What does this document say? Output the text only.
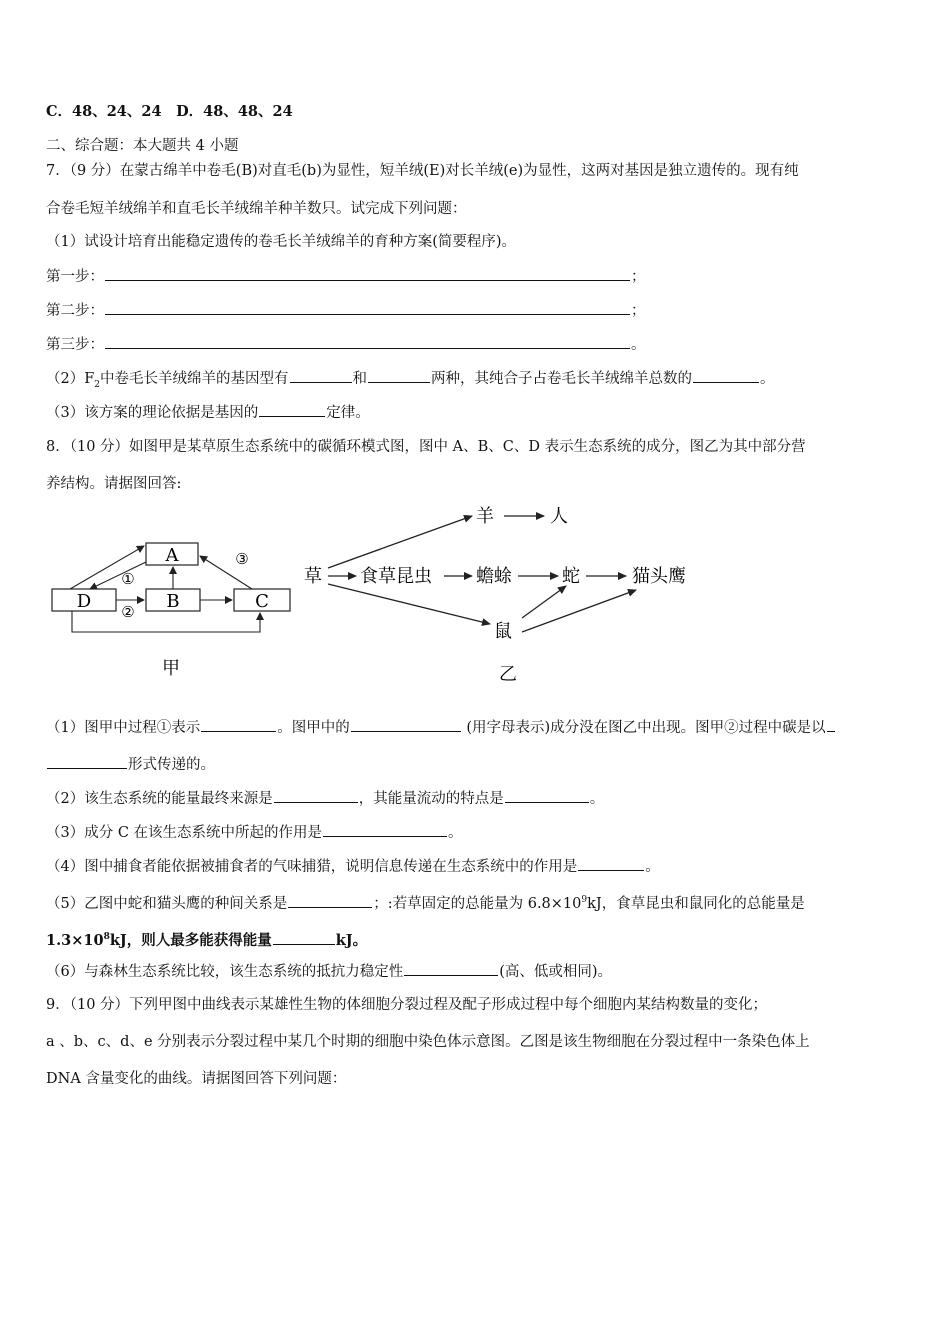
C．48、24、24　D．48、48、24
二、综合题：本大题共 4 小题
7．（9 分）在蒙古绵羊中卷毛(B)对直毛(b)为显性，短羊绒(E)对长羊绒(e)为显性，这两对基因是独立遗传的。现有纯
合卷毛短羊绒绵羊和直毛长羊绒绵羊种羊数只。试完成下列问题：
（1）试设计培育出能稳定遗传的卷毛长羊绒绵羊的育种方案(简要程序)。
第一步：	；
第二步：	；
第三步：	。
$(2)F_2$中卷毛长羊绒绵羊的基因型有	和	两种，其纯合子占卷毛长羊绒绵羊总数的	。
（3）该方案的理论依据是基因的	定律。
8．（10 分）如图甲是某草原生态系统中的碳循环模式图，图中 A、B、C、D 表示生态系统的成分，图乙为其中部分营
养结构。请据图回答:
A
D	B	C
①
②
③
甲
草 食草昆虫 蟾蜍	蛇	猫头鹰
羊	人
鼠
乙
（1）图甲中过程①表示	。图甲中的	(用字母表示)成分没在图乙中出现。图甲②过程中碳是以
形式传递的。
（2）该生态系统的能量最终来源是	，其能量流动的特点是	。
（3）成分 C 在该生态系统中所起的作用是	。
（4）图中捕食者能依据被捕食者的气味捕猎，说明信息传递在生态系统中的作用是	。
（5）乙图中蛇和猫头鹰的种间关系是	；:若草固定的总能量为 $6.8\times 10^9kJ$，食草昆虫和鼠同化的总能量是
$1.3\times 10^8kJ$，则人最多能获得能量	kJ。
（6）与森林生态系统比较，该生态系统的抵抗力稳定性	(高、低或相同)。
9．（10 分）下列甲图中曲线表示某雄性生物的体细胞分裂过程及配子形成过程中每个细胞内某结构数量的变化；
a 、b、c、d、e 分别表示分裂过程中某几个时期的细胞中染色体示意图。乙图是该生物细胞在分裂过程中一条染色体上
DNA 含量变化的曲线。请据图回答下列问题：
